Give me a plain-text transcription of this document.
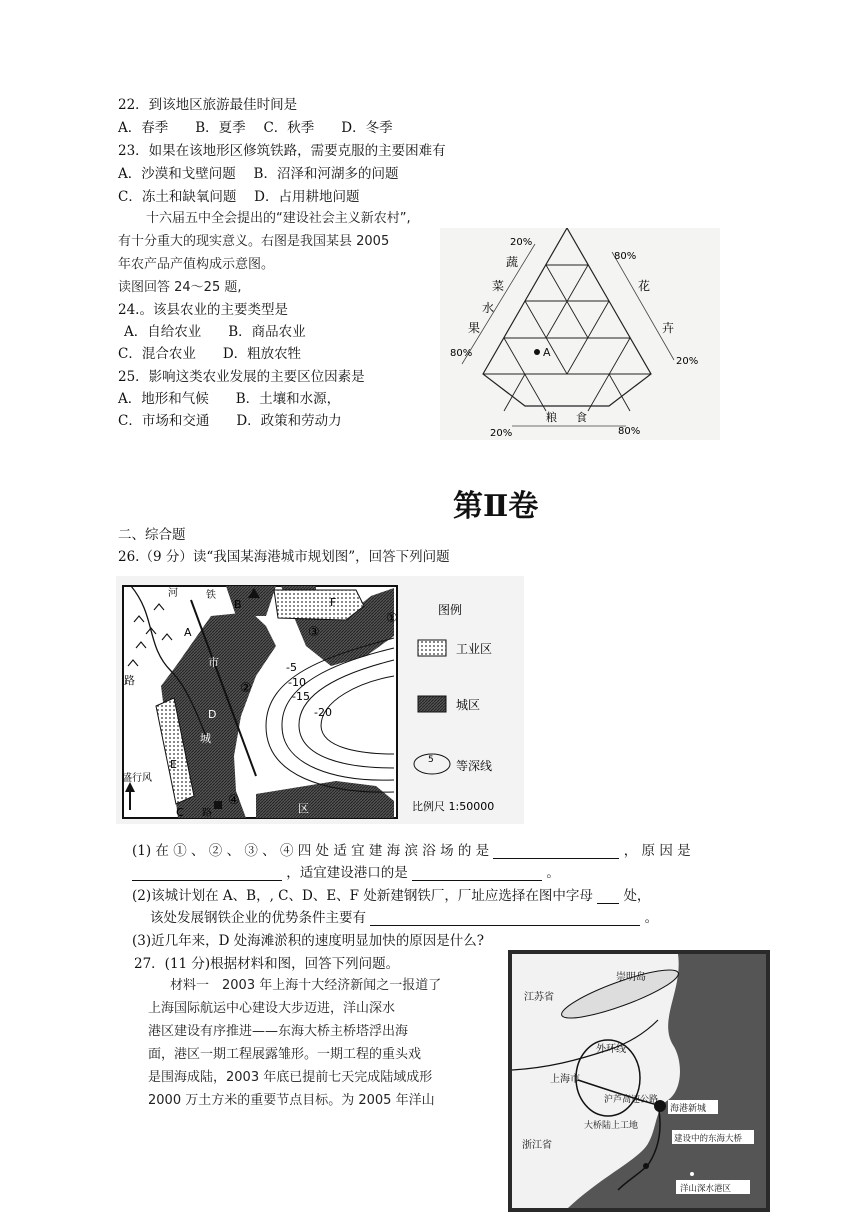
22．到该地区旅游最佳时间是
A．春季　　B．夏季　 C．秋季　　D．冬季
23．如果在该地形区修筑铁路，需要克服的主要困难有
A．沙漠和戈壁问题　 B．沼泽和河湖多的问题
C．冻土和缺氧问题　 D．占用耕地问题
十六届五中全会提出的“建设社会主义新农村”,
有十分重大的现实意义。右图是我国某县 2005
年农产品产值构成示意图。
读图回答 24～25 题,
24.。该县农业的主要类型是
A．自给农业　　B．商品农业
C．混合农业　　D．粗放农牲
25．影响这类农业发展的主要区位因素是
A．地形和气候　　B．土壤和水源，
C．市场和交通　　D．政策和劳动力
A
20%
80%
80%
20%
20%	80%
蔬
菜
水
果
花
卉
粮 食
第Ⅱ卷
二、综合题
26.（9 分）读“我国某海港城市规划图”，回答下列问题
盛行风
A
B
C
D
E
F
①
②
③
④
-5
-10
-15
-20
河	铁
路
城
市
区
路
图例
工业区
城区
5 等深线
比例尺 1:50000
(1) 在 ① 、 ② 、 ③ 、 ④ 四 处 适 宜 建 海 滨 浴 场 的 是	， 原 因 是
，适宜建设港口的是	。
(2)该城计划在 A、B，, C、D、E、F 处新建钢铁厂，厂址应选择在图中字母 处，
该处发展钢铁企业的优势条件主要有	。
(3)近几年来，D 处海滩淤积的速度明显加快的原因是什么?
27．(11 分)根据材料和图，回答下列问题。
材料一　2003 年上海十大经济新闻之一报道了
上海国际航运中心建设大步迈进，洋山深水
港区建设有序推进——东海大桥主桥塔浮出海
面，港区一期工程展露雏形。一期工程的重头戏
是围海成陆，2003 年底已提前七天完成陆域成形
2000 万土方米的重要节点目标。为 2005 年洋山
崇明岛
江苏省
外环线
上海市
沪芦高速公路
海港新城
大桥陆上工地
浙江省
建设中的东海大桥
洋山深水港区
